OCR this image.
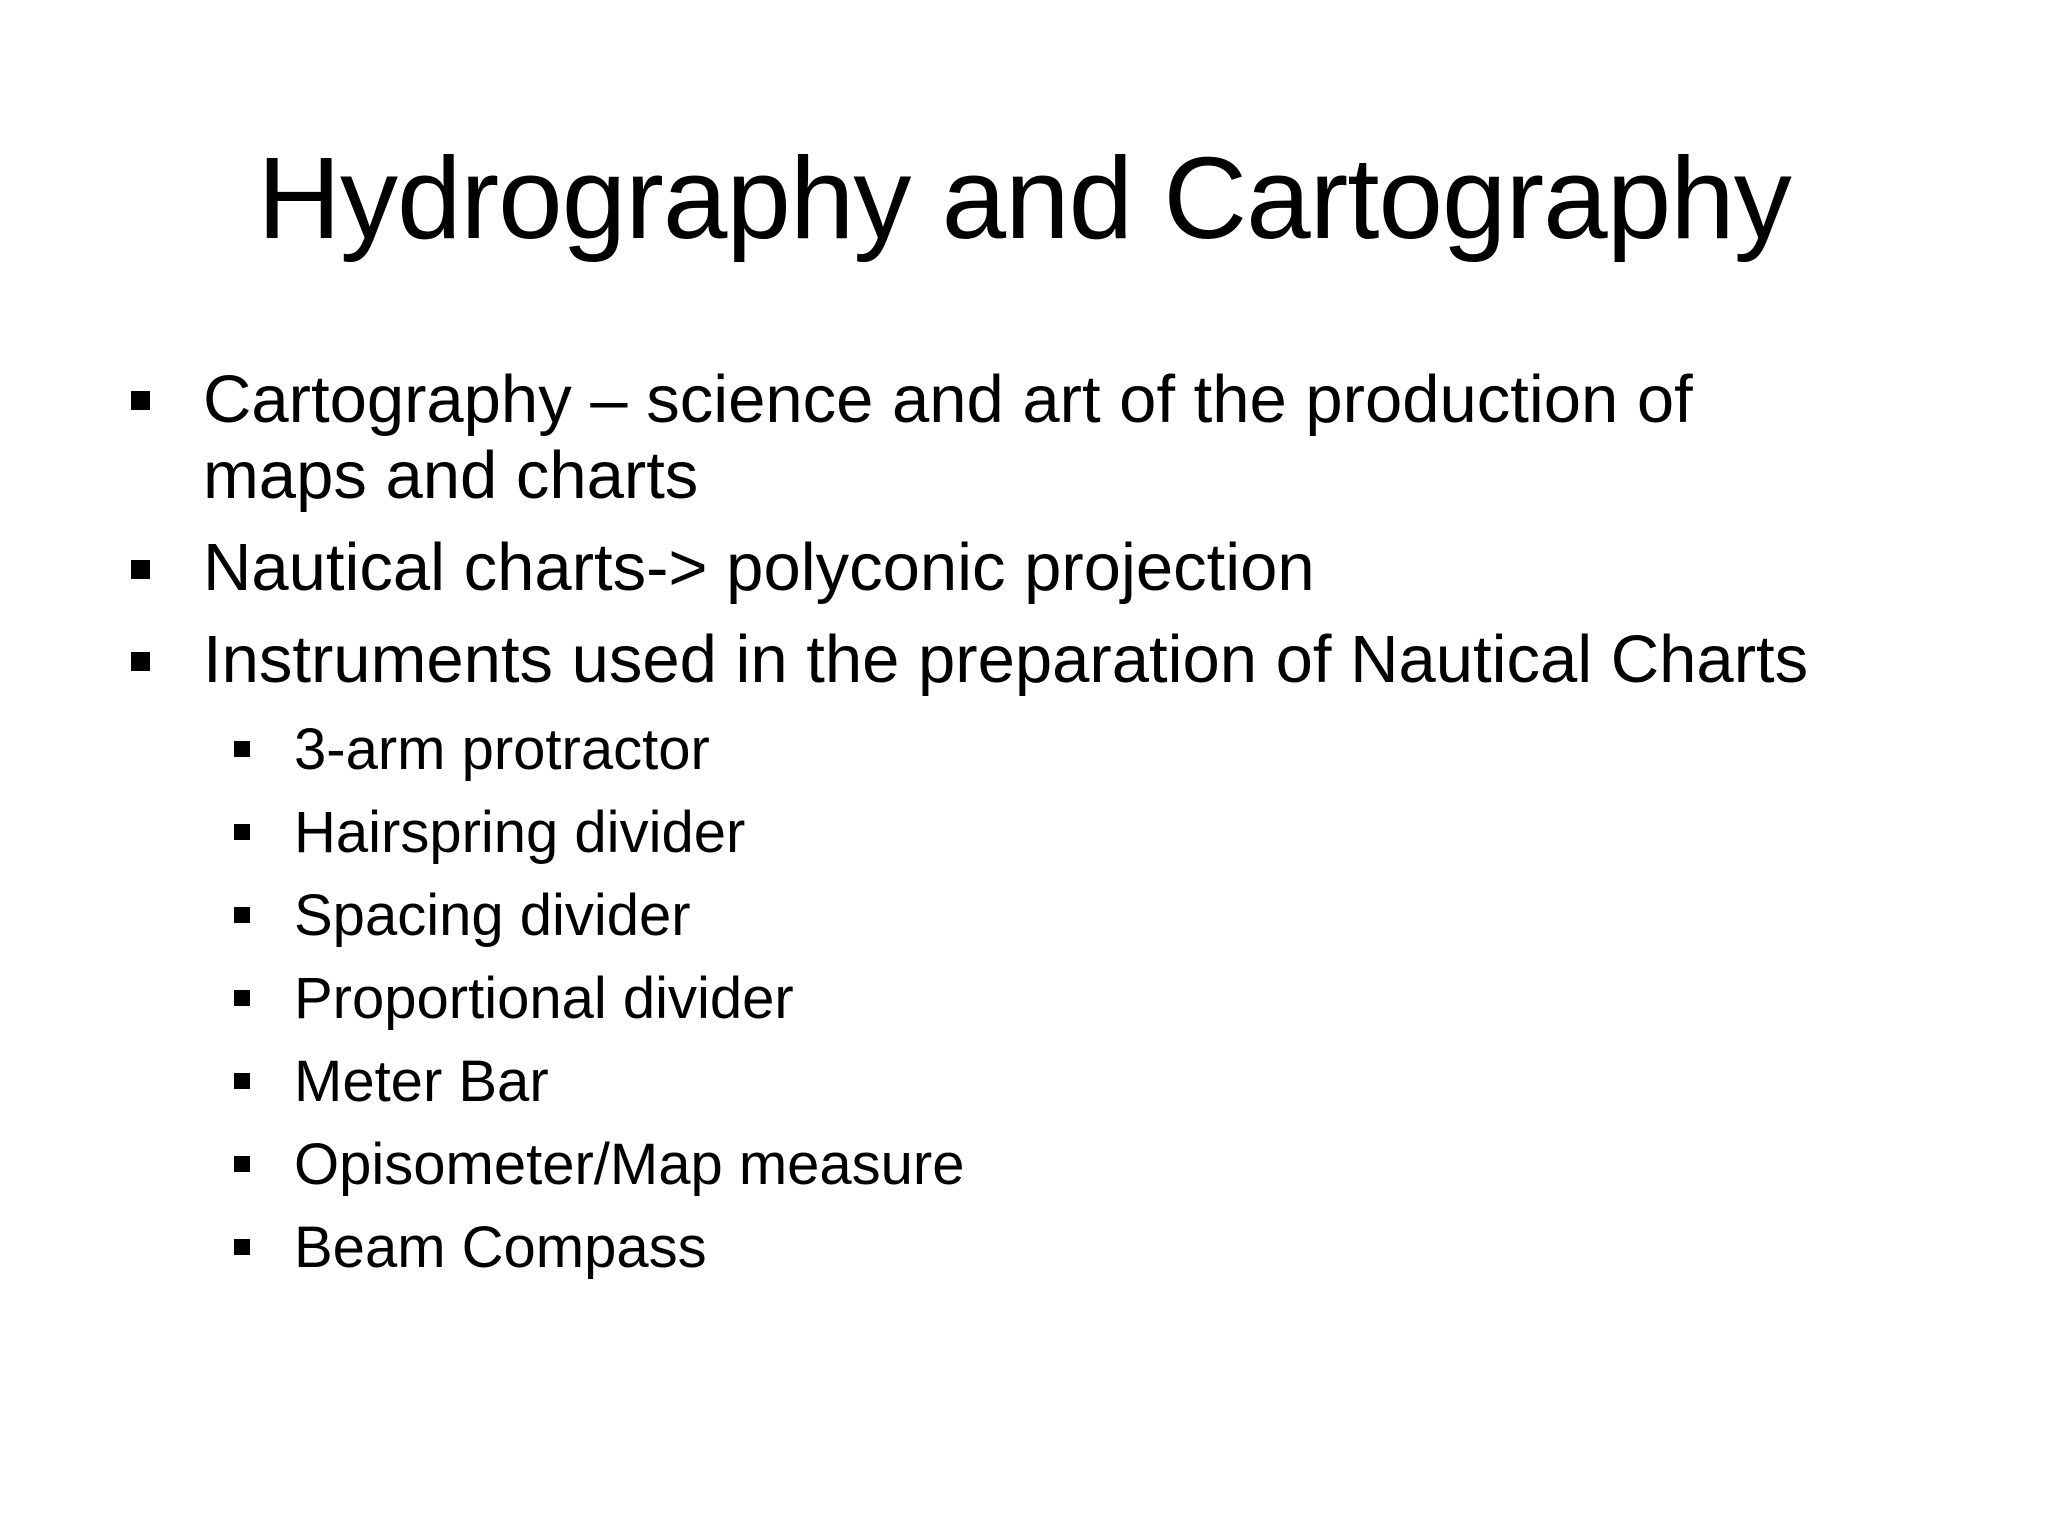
Hydrography and Cartography
Cartography – science and art of the production of
maps and charts
Nautical charts-> polyconic projection
Instruments used in the preparation of Nautical Charts
3-arm protractor
Hairspring divider
Spacing divider
Proportional divider
Meter Bar
Opisometer/Map measure
Beam Compass
